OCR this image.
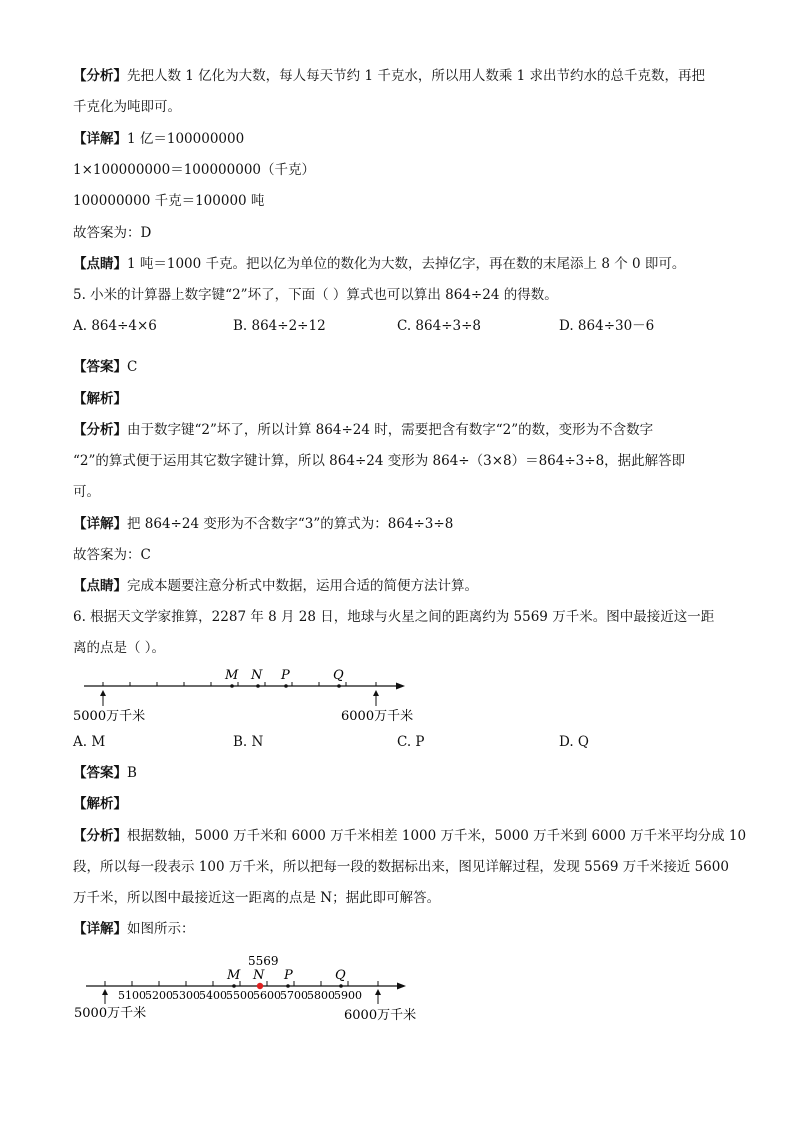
【分析】先把人数 1 亿化为大数，每人每天节约 1 千克水，所以用人数乘 1 求出节约水的总千克数，再把
千克化为吨即可。
【详解】1 亿＝100000000
1×100000000＝100000000（千克）
100000000 千克＝100000 吨
故答案为：D
【点睛】1 吨＝1000 千克。把以亿为单位的数化为大数，去掉亿字，再在数的末尾添上 8 个 0 即可。
5. 小米的计算器上数字键“2”坏了，下面（ ）算式也可以算出 864÷24 的得数。
A. 864÷4×6	B. 864÷2÷12	C. 864÷3÷8	D. 864÷30－6
【答案】C
【解析】
【分析】由于数字键“2”坏了，所以计算 864÷24 时，需要把含有数字“2”的数，变形为不含数字
“2”的算式便于运用其它数字键计算，所以 864÷24 变形为 864÷（3×8）＝864÷3÷8，据此解答即
可。
【详解】把 864÷24 变形为不含数字“3”的算式为：864÷3÷8
故答案为：C
【点睛】完成本题要注意分析式中数据，运用合适的简便方法计算。
6. 根据天文学家推算，2287 年 8 月 28 日，地球与火星之间的距离约为 5569 万千米。图中最接近这一距
离的点是（ ）。
M N P	Q
5000万千米	6000万千米
A. M	B. N	C. P	D. Q
【答案】B
【解析】
【分析】根据数轴，5000 万千米和 6000 万千米相差 1000 万千米，5000 万千米到 6000 万千米平均分成 10
段，所以每一段表示 100 万千米，所以把每一段的数据标出来，图见详解过程，发现 5569 万千米接近 5600
万千米，所以图中最接近这一距离的点是 N；据此即可解答。
【详解】如图所示：
5569
M N P	Q
5100 5200 5300 5400 5500 5600 5700 5800 5900
5000万千米	6000万千米
